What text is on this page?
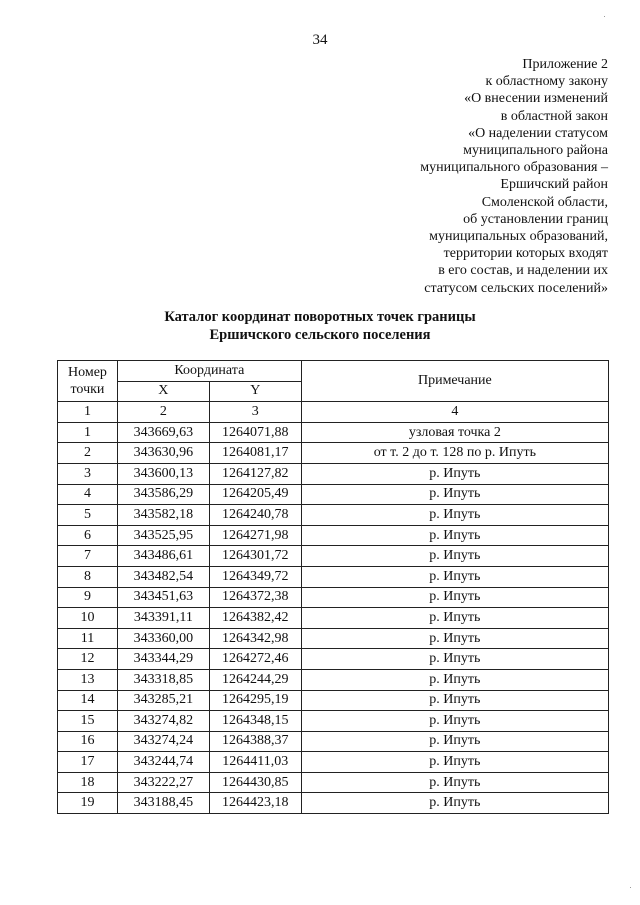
34
Приложение 2
к областному закону
«О внесении изменений
в областной закон
«О наделении статусом
муниципального района
муниципального образования –
Ершичский район
Смоленской области,
об установлении границ
муниципальных образований,
территории которых входят
в его состав, и наделении их
статусом сельских поселений»
Каталог координат поворотных точек границы
Ершичского сельского поселения
Номер
точки	Координата		Примечание
	X	Y	
1	2	3	4
1	343669,63	1264071,88	узловая точка 2
2	343630,96	1264081,17	от т. 2 до т. 128 по р. Ипуть
3	343600,13	1264127,82	р. Ипуть
4	343586,29	1264205,49	р. Ипуть
5	343582,18	1264240,78	р. Ипуть
6	343525,95	1264271,98	р. Ипуть
7	343486,61	1264301,72	р. Ипуть
8	343482,54	1264349,72	р. Ипуть
9	343451,63	1264372,38	р. Ипуть
10	343391,11	1264382,42	р. Ипуть
11	343360,00	1264342,98	р. Ипуть
12	343344,29	1264272,46	р. Ипуть
13	343318,85	1264244,29	р. Ипуть
14	343285,21	1264295,19	р. Ипуть
15	343274,82	1264348,15	р. Ипуть
16	343274,24	1264388,37	р. Ипуть
17	343244,74	1264411,03	р. Ипуть
18	343222,27	1264430,85	р. Ипуть
19	343188,45	1264423,18	р. Ипуть
